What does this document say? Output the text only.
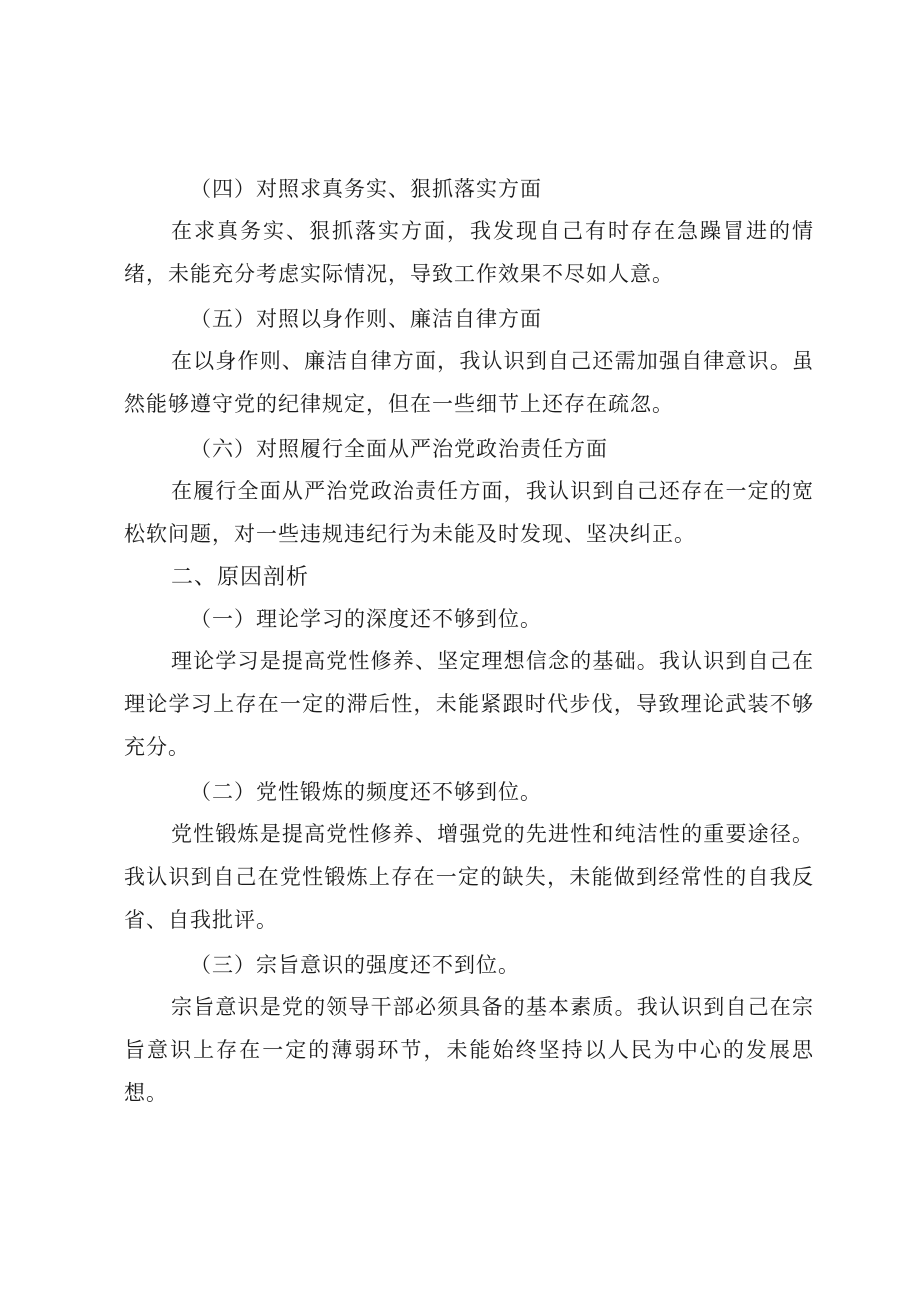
（四）对照求真务实、狠抓落实方面

在求真务实、狠抓落实方面，我发现自己有时存在急躁冒进的情绪，未能充分考虑实际情况，导致工作效果不尽如人意。

（五）对照以身作则、廉洁自律方面

在以身作则、廉洁自律方面，我认识到自己还需加强自律意识。虽然能够遵守党的纪律规定，但在一些细节上还存在疏忽。

（六）对照履行全面从严治党政治责任方面

在履行全面从严治党政治责任方面，我认识到自己还存在一定的宽松软问题，对一些违规违纪行为未能及时发现、坚决纠正。

二、原因剖析

（一）理论学习的深度还不够到位。

理论学习是提高党性修养、坚定理想信念的基础。我认识到自己在理论学习上存在一定的滞后性，未能紧跟时代步伐，导致理论武装不够充分。

（二）党性锻炼的频度还不够到位。

党性锻炼是提高党性修养、增强党的先进性和纯洁性的重要途径。我认识到自己在党性锻炼上存在一定的缺失，未能做到经常性的自我反省、自我批评。

（三）宗旨意识的强度还不到位。

宗旨意识是党的领导干部必须具备的基本素质。我认识到自己在宗旨意识上存在一定的薄弱环节，未能始终坚持以人民为中心的发展思想。
